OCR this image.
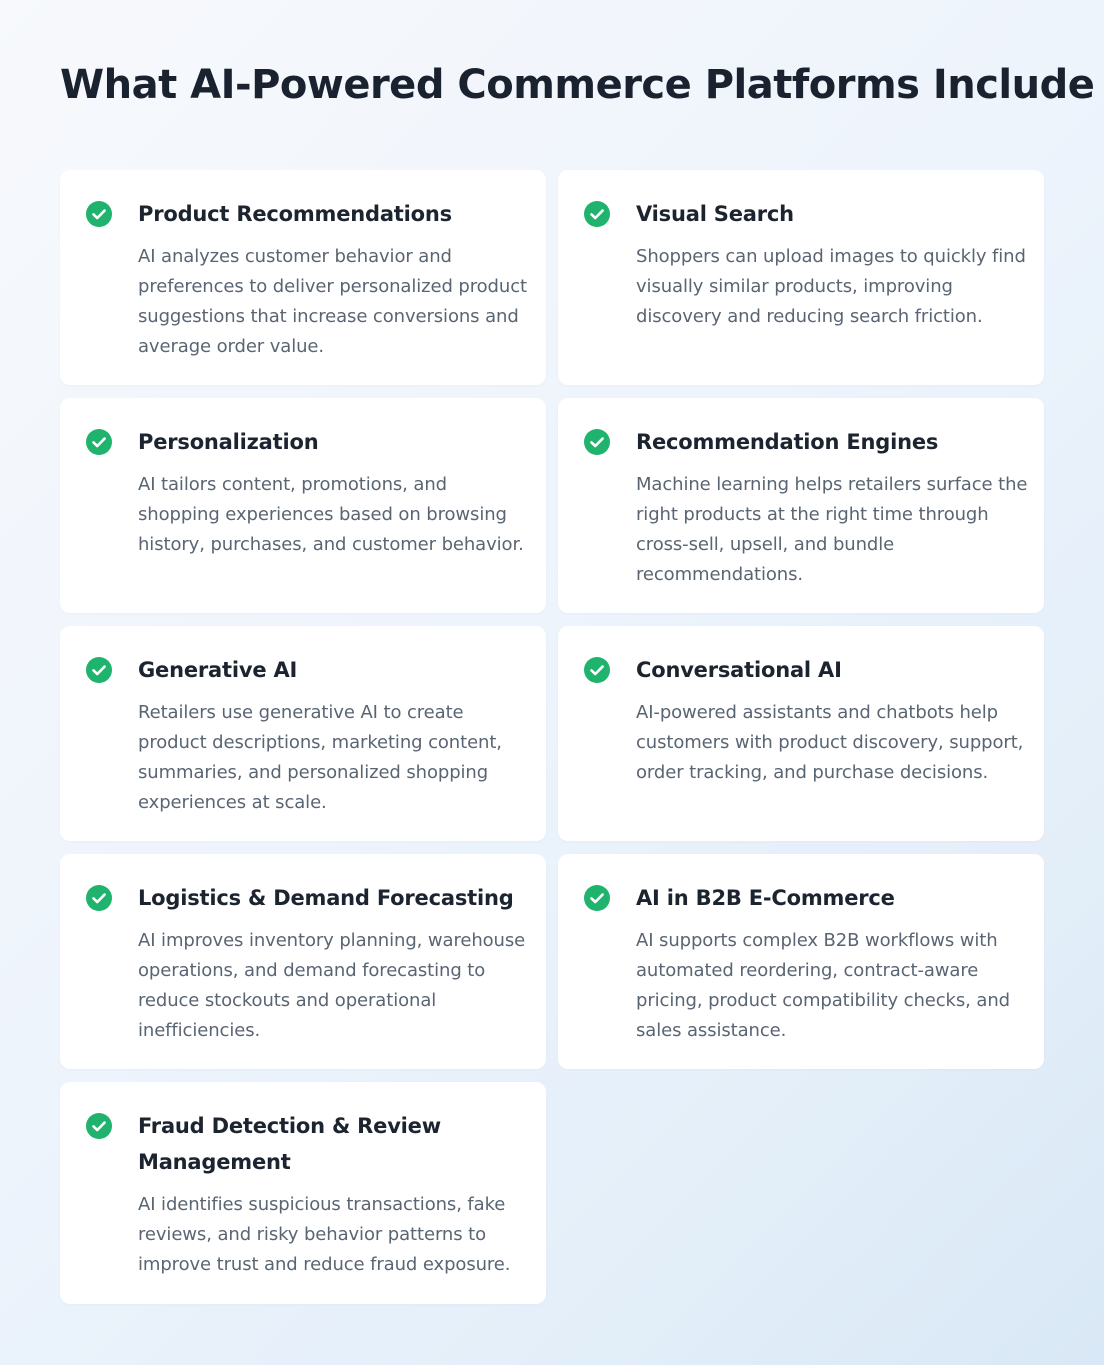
What AI-Powered Commerce Platforms Include
Product Recommendations

AI analyzes customer behavior and preferences to deliver personalized product suggestions that increase conversions and average order value.

Visual Search

Shoppers can upload images to quickly find visually similar products, improving discovery and reducing search friction.

Personalization

AI tailors content, promotions, and shopping experiences based on browsing history, purchases, and customer behavior.

Recommendation Engines

Machine learning helps retailers surface the right products at the right time through cross-sell, upsell, and bundle recommendations.

Generative AI

Retailers use generative AI to create product descriptions, marketing content, summaries, and personalized shopping experiences at scale.

Conversational AI

AI-powered assistants and chatbots help customers with product discovery, support, order tracking, and purchase decisions.

Logistics & Demand Forecasting

AI improves inventory planning, warehouse operations, and demand forecasting to reduce stockouts and operational inefficiencies.

AI in B2B E-Commerce

AI supports complex B2B workflows with automated reordering, contract-aware pricing, product compatibility checks, and sales assistance.

Fraud Detection & Review Management

AI identifies suspicious transactions, fake reviews, and risky behavior patterns to improve trust and reduce fraud exposure.
